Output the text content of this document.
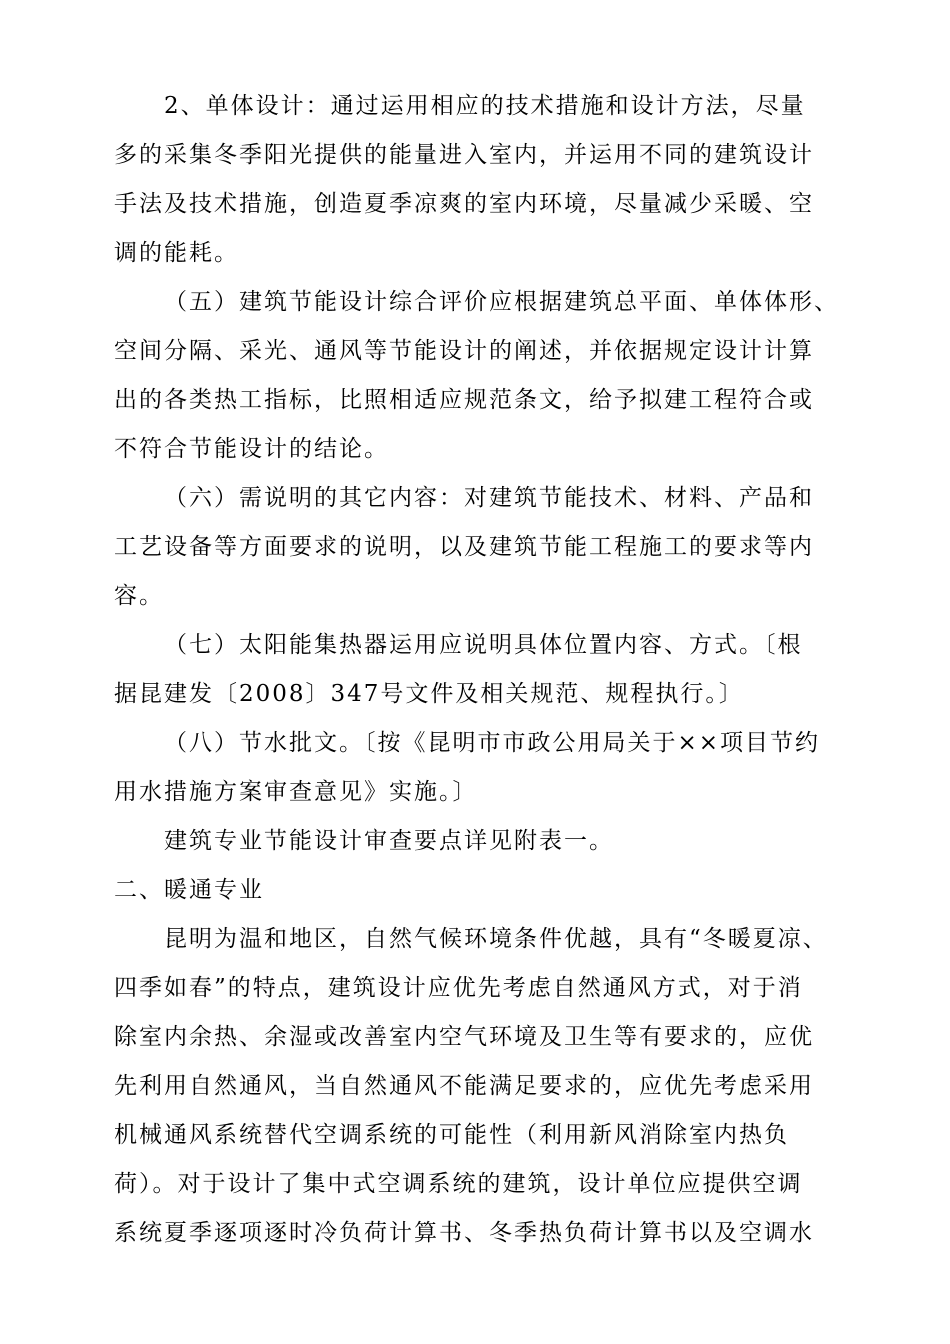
2、单体设计：通过运用相应的技术措施和设计方法，尽量
多的采集冬季阳光提供的能量进入室内，并运用不同的建筑设计
手法及技术措施，创造夏季凉爽的室内环境，尽量减少采暖、空
调的能耗。
（五）建筑节能设计综合评价应根据建筑总平面、单体体形、
空间分隔、采光、通风等节能设计的阐述，并依据规定设计计算
出的各类热工指标，比照相适应规范条文，给予拟建工程符合或
不符合节能设计的结论。
（六）需说明的其它内容：对建筑节能技术、材料、产品和
工艺设备等方面要求的说明，以及建筑节能工程施工的要求等内
容。
（七）太阳能集热器运用应说明具体位置内容、方式。〔根
据昆建发〔2008〕347号文件及相关规范、规程执行。〕
（八）节水批文。〔按《昆明市市政公用局关于××项目节约
用水措施方案审查意见》实施。〕
建筑专业节能设计审查要点详见附表一。
二、暖通专业
昆明为温和地区，自然气候环境条件优越，具有“冬暖夏凉、
四季如春”的特点，建筑设计应优先考虑自然通风方式，对于消
除室内余热、余湿或改善室内空气环境及卫生等有要求的，应优
先利用自然通风，当自然通风不能满足要求的，应优先考虑采用
机械通风系统替代空调系统的可能性（利用新风消除室内热负
荷）。对于设计了集中式空调系统的建筑，设计单位应提供空调
系统夏季逐项逐时冷负荷计算书、冬季热负荷计算书以及空调水
